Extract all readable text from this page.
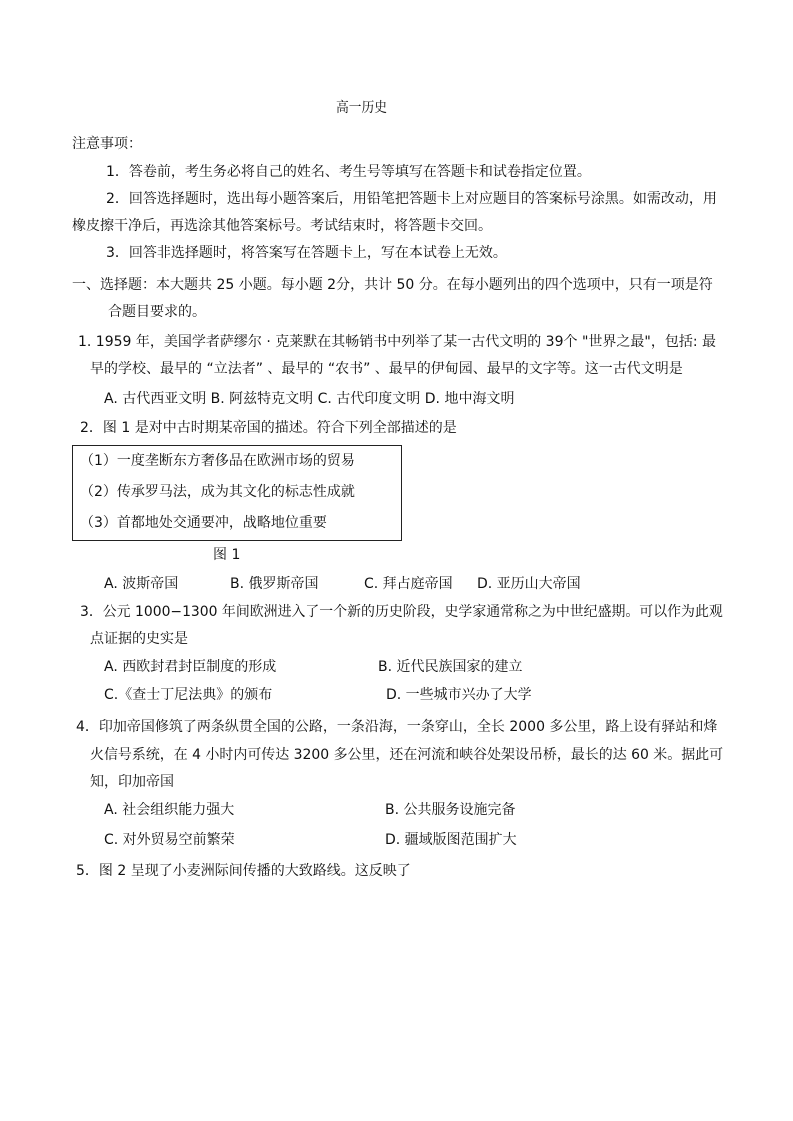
高一历史
注意事项：
1．答卷前，考生务必将自己的姓名、考生号等填写在答题卡和试卷指定位置。
2．回答选择题时，选出每小题答案后，用铅笔把答题卡上对应题目的答案标号涂黑。如需改动，用
橡皮擦干净后，再选涂其他答案标号。考试结束时，将答题卡交回。
3．回答非选择题时，将答案写在答题卡上，写在本试卷上无效。
一、选择题：本大题共 25 小题。每小题 2分，共计 50 分。在每小题列出的四个选项中，只有一项是符
合题目要求的。
1. 1959 年，美国学者萨缪尔 · 克莱默在其畅销书中列举了某一古代文明的 39个 "世界之最"，包括: 最
早的学校、最早的 “立法者” 、最早的 “农书” 、最早的伊甸园、最早的文字等。这一古代文明是
A. 古代西亚文明 B. 阿兹特克文明 C. 古代印度文明 D. 地中海文明
2．图 1 是对中古时期某帝国的描述。符合下列全部描述的是
（1）一度垄断东方奢侈品在欧洲市场的贸易
（2）传承罗马法，成为其文化的标志性成就
（3）首都地处交通要冲，战略地位重要
图 1
A. 波斯帝国	B. 俄罗斯帝国	C. 拜占庭帝国 D. 亚历山大帝国
3．公元 1000−1300 年间欧洲进入了一个新的历史阶段，史学家通常称之为中世纪盛期。可以作为此观
点证据的史实是
A. 西欧封君封臣制度的形成	B. 近代民族国家的建立
C.《查士丁尼法典》的颁布	D. 一些城市兴办了大学
4．印加帝国修筑了两条纵贯全国的公路，一条沿海，一条穿山，全长 2000 多公里，路上设有驿站和烽
火信号系统，在 4 小时内可传达 3200 多公里，还在河流和峡谷处架设吊桥，最长的达 60 米。据此可
知，印加帝国
A. 社会组织能力强大	B. 公共服务设施完备
C. 对外贸易空前繁荣	D. 疆域版图范围扩大
5．图 2 呈现了小麦洲际间传播的大致路线。这反映了
